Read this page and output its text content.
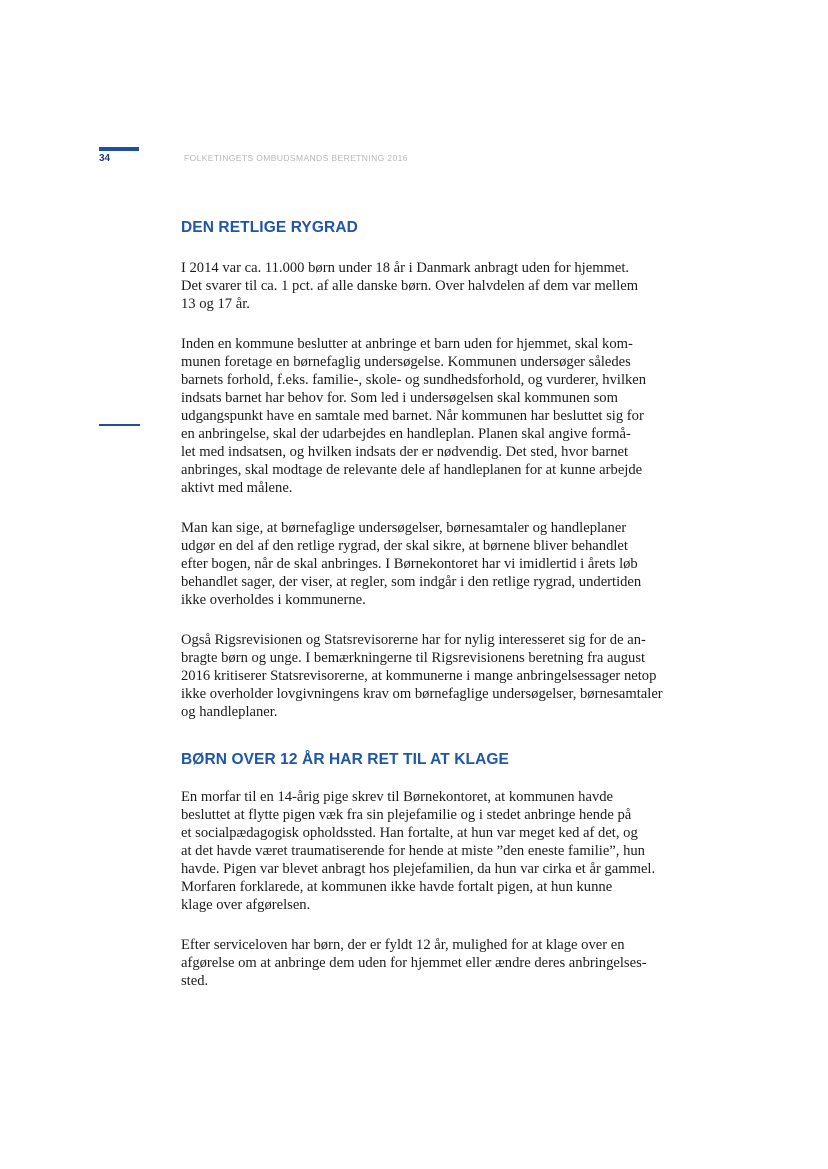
34	FOLKETINGETS OMBUDSMANDS BERETNING 2016
DEN RETLIGE RYGRAD

I 2014 var ca. 11.000 børn under 18 år i Danmark anbragt uden for hjemmet.
Det svarer til ca. 1 pct. af alle danske børn. Over halvdelen af dem var mellem
13 og 17 år.

Inden en kommune beslutter at anbringe et barn uden for hjemmet, skal kom-
munen foretage en børnefaglig undersøgelse. Kommunen undersøger således
barnets forhold, f.eks. familie-, skole- og sundhedsforhold, og vurderer, hvilken
indsats barnet har behov for. Som led i undersøgelsen skal kommunen som
udgangspunkt have en samtale med barnet. Når kommunen har besluttet sig for
en anbringelse, skal der udarbejdes en handleplan. Planen skal angive formå-
let med indsatsen, og hvilken indsats der er nødvendig. Det sted, hvor barnet
anbringes, skal modtage de relevante dele af handleplanen for at kunne arbejde
aktivt med målene.

Man kan sige, at børnefaglige undersøgelser, børnesamtaler og handleplaner
udgør en del af den retlige rygrad, der skal sikre, at børnene bliver behandlet
efter bogen, når de skal anbringes. I Børnekontoret har vi imidlertid i årets løb
behandlet sager, der viser, at regler, som indgår i den retlige rygrad, undertiden
ikke overholdes i kommunerne.

Også Rigsrevisionen og Statsrevisorerne har for nylig interesseret sig for de an-
bragte børn og unge. I bemærkningerne til Rigsrevisionens beretning fra august
2016 kritiserer Statsrevisorerne, at kommunerne i mange anbringelsessager netop
ikke overholder lovgivningens krav om børnefaglige undersøgelser, børnesamtaler
og handleplaner.

BØRN OVER 12 ÅR HAR RET TIL AT KLAGE

En morfar til en 14-årig pige skrev til Børnekontoret, at kommunen havde
besluttet at flytte pigen væk fra sin plejefamilie og i stedet anbringe hende på
et socialpædagogisk opholdssted. Han fortalte, at hun var meget ked af det, og
at det havde været traumatiserende for hende at miste ”den eneste familie”, hun
havde. Pigen var blevet anbragt hos plejefamilien, da hun var cirka et år gammel.
Morfaren forklarede, at kommunen ikke havde fortalt pigen, at hun kunne
klage over afgørelsen.

Efter serviceloven har børn, der er fyldt 12 år, mulighed for at klage over en
afgørelse om at anbringe dem uden for hjemmet eller ændre deres anbringelses-
sted.
